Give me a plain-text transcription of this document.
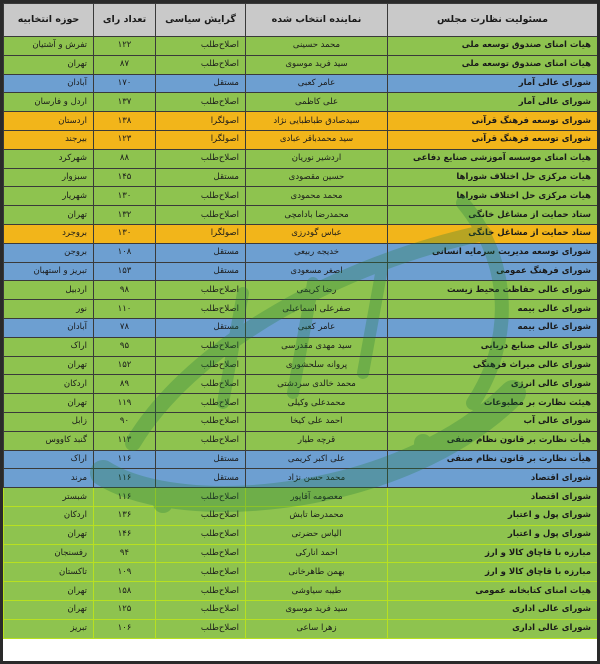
مسئولیت نظارت مجلس	نماینده انتخاب شده	گرایش سیاسی	تعداد رای	حوزه انتخابیه
هیات امنای صندوق توسعه ملی	محمد حسینی	اصلاح‌طلب	۱۲۲	تفرش و آشتیان
هیات امنای صندوق توسعه ملی	سید فرید موسوی	اصلاح‌طلب	۸۷	تهران
شورای عالی آمار	عامر کعبی	مستقل	۱۷۰	آبادان
شورای عالی آمار	علی کاظمی	اصلاح‌طلب	۱۳۷	اردل و فارسان
شورای توسعه فرهنگ قرآنی	سیدصادق طباطبایی نژاد	اصولگرا	۱۳۸	اردستان
شورای توسعه فرهنگ قرآنی	سید محمدباقر عبادی	اصولگرا	۱۲۳	بیرجند
هیات امنای موسسه آموزشی صنایع دفاعی	اردشیر نوریان	اصلاح‌طلب	۸۸	شهرکرد
هیات مرکزی حل اختلاف شوراها	حسین مقصودی	مستقل	۱۴۵	سبزوار
هیات مرکزی حل اختلاف شوراها	محمد محمودی	اصلاح‌طلب	۱۳۰	شهریار
ستاد حمایت از مشاغل خانگی	محمدرضا بادامچی	اصلاح‌طلب	۱۳۲	تهران
ستاد حمایت از مشاغل خانگی	عباس گودرزی	اصولگرا	۱۳۰	بروجرد
شورای توسعه مدیریت سرمایه انسانی	خدیجه ربیعی	مستقل	۱۰۸	بروجن
شورای فرهنگ عمومی	اصغر مسعودی	مستقل	۱۵۳	تبریز و استهبان
شورای عالی حفاظت محیط زیست	رضا کریمی	اصلاح‌طلب	۹۸	اردبیل
شورای عالی بیمه	صفرعلی اسماعیلی	اصلاح‌طلب	۱۱۰	نور
شورای عالی بیمه	عامر کعبی	مستقل	۷۸	آبادان
شورای عالی صنایع دریایی	سید مهدی مقدرسی	اصلاح‌طلب	۹۵	اراک
شورای عالی میراث فرهنگی	پروانه سلحشوری	اصلاح‌طلب	۱۵۲	تهران
شورای عالی انرژی	محمد خالدی سردشتی	اصلاح‌طلب	۸۹	اردکان
هیئت نظارت بر مطبوعات	محمدعلی وکیلی	اصلاح‌طلب	۱۱۹	تهران
شورای عالی آب	احمد علی کیخا	اصلاح‌طلب	۹۰	زابل
هیأت نظارت بر قانون نظام صنفی	قرچه طیار	اصلاح‌طلب	۱۱۳	گنبد کاووس
هیأت نظارت بر قانون نظام صنفی	علی اکبر کریمی	مستقل	۱۱۶	اراک
شورای اقتصاد	محمد حسن نژاد	مستقل	۱۱۶	مرند
شورای اقتصاد	معصومه آقاپور	اصلاح‌طلب	۱۱۶	شبستر
شورای پول و اعتبار	محمدرضا تابش	اصلاح‌طلب	۱۳۶	اردکان
شورای پول و اعتبار	الیاس حضرتی	اصلاح‌طلب	۱۴۶	تهران
مبارزه با قاچاق کالا و ارز	احمد انارکی	اصلاح‌طلب	۹۴	رفسنجان
مبارزه با قاچاق کالا و ارز	بهمن طاهرخانی	اصلاح‌طلب	۱۰۹	تاکستان
هیات امنای کتابخانه عمومی	طیبه سیاوشی	اصلاح‌طلب	۱۵۸	تهران
شورای عالی اداری	سید فرید موسوی	اصلاح‌طلب	۱۲۵	تهران
شورای عالی اداری	زهرا ساعی	اصلاح‌طلب	۱۰۶	تبریز
